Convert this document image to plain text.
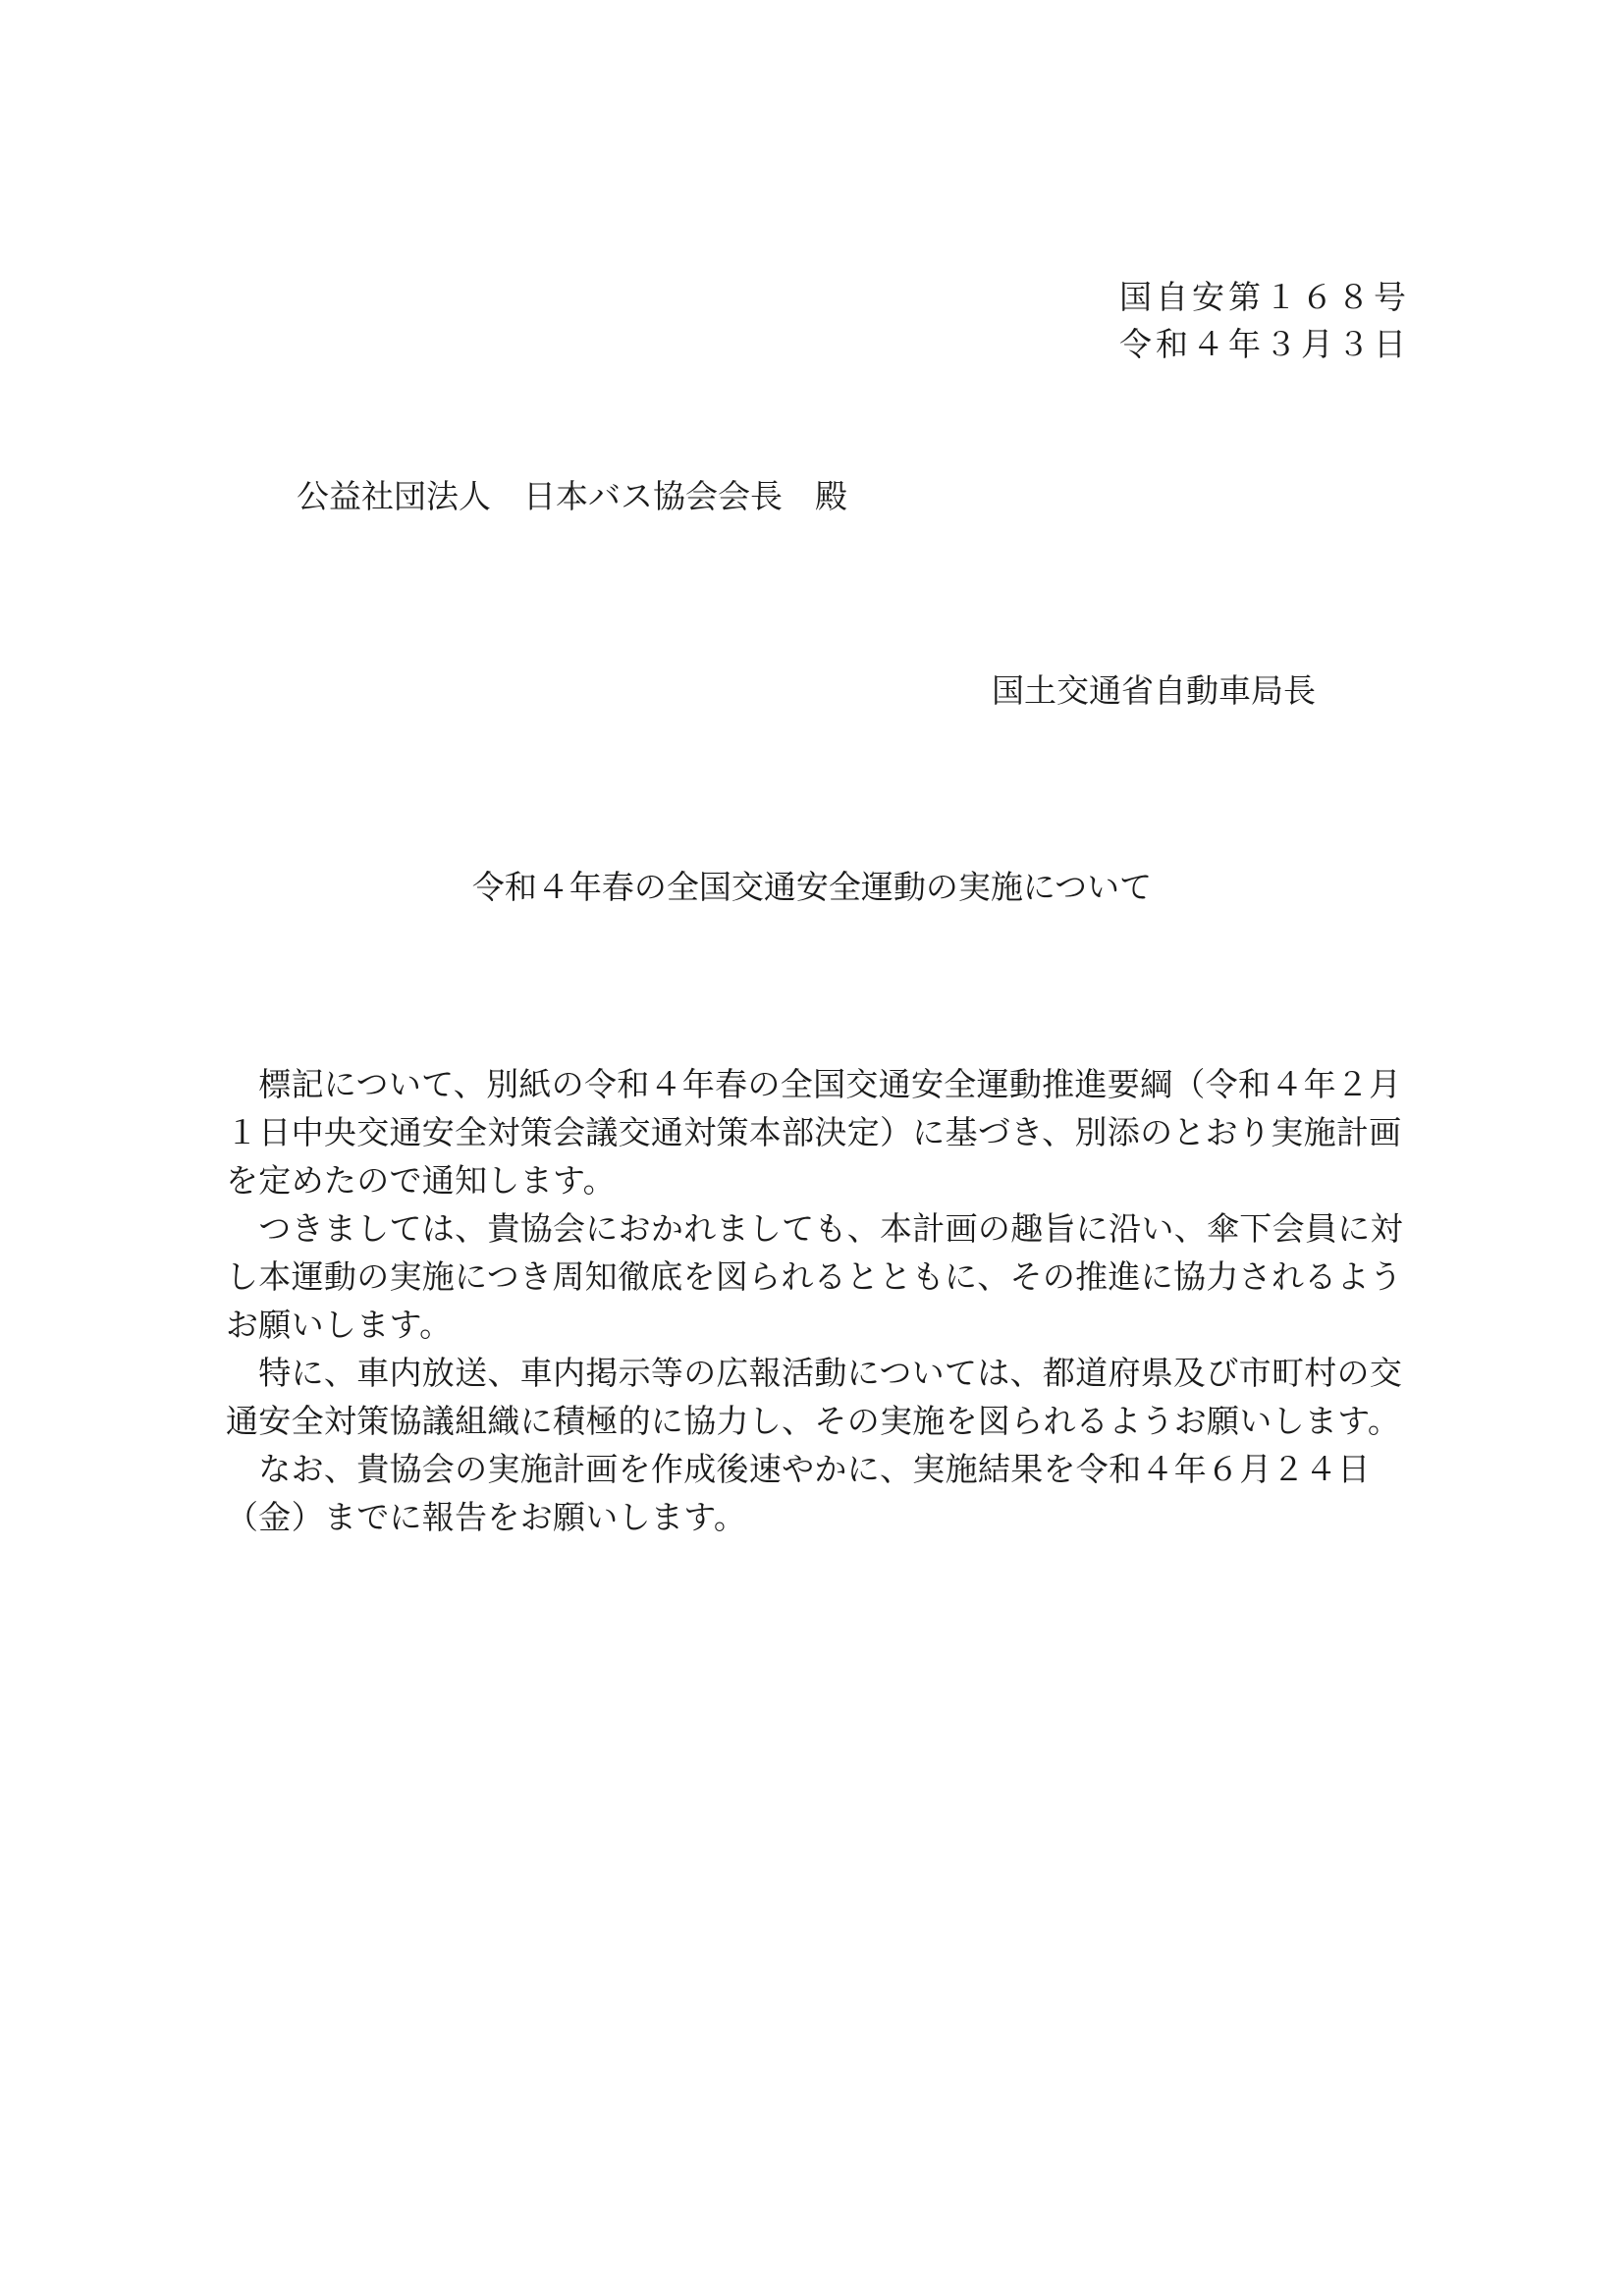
国自安第１６８号
令和４年３月３日
公益社団法人　日本バス協会会長　殿
国土交通省自動車局長
令和４年春の全国交通安全運動の実施について
　標記について、別紙の令和４年春の全国交通安全運動推進要綱（令和４年２月
１日中央交通安全対策会議交通対策本部決定）に基づき、別添のとおり実施計画
を定めたので通知します。
　つきましては、貴協会におかれましても、本計画の趣旨に沿い、傘下会員に対
し本運動の実施につき周知徹底を図られるとともに、その推進に協力されるよう
お願いします。
　特に、車内放送、車内掲示等の広報活動については、都道府県及び市町村の交
通安全対策協議組織に積極的に協力し、その実施を図られるようお願いします。
　なお、貴協会の実施計画を作成後速やかに、実施結果を令和４年６月２４日
（金）までに報告をお願いします。
